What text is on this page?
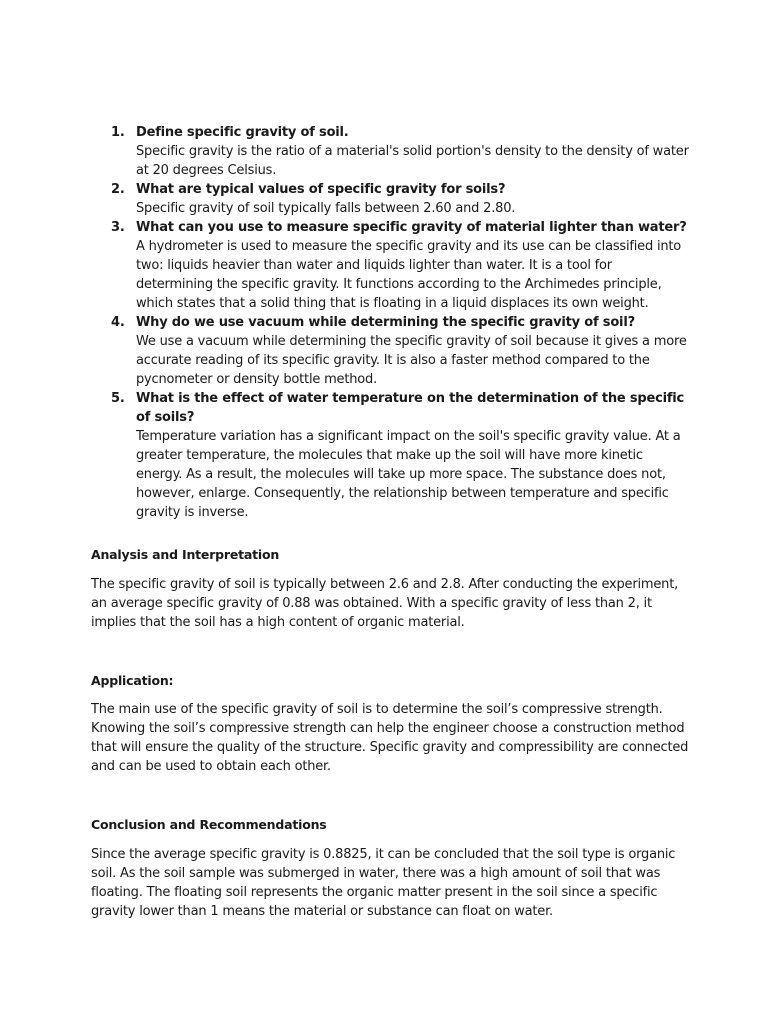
1. Define specific gravity of soil.
Specific gravity is the ratio of a material's solid portion's density to the density of water at 20 degrees Celsius.
2. What are typical values of specific gravity for soils?
Specific gravity of soil typically falls between 2.60 and 2.80.
3. What can you use to measure specific gravity of material lighter than water?
A hydrometer is used to measure the specific gravity and its use can be classified into two: liquids heavier than water and liquids lighter than water. It is a tool for determining the specific gravity. It functions according to the Archimedes principle, which states that a solid thing that is floating in a liquid displaces its own weight.
4. Why do we use vacuum while determining the specific gravity of soil?
We use a vacuum while determining the specific gravity of soil because it gives a more accurate reading of its specific gravity. It is also a faster method compared to the pycnometer or density bottle method.
5. What is the effect of water temperature on the determination of the specific of soils?
Temperature variation has a significant impact on the soil's specific gravity value. At a greater temperature, the molecules that make up the soil will have more kinetic energy. As a result, the molecules will take up more space. The substance does not, however, enlarge. Consequently, the relationship between temperature and specific gravity is inverse.
Analysis and Interpretation

The specific gravity of soil is typically between 2.6 and 2.8. After conducting the experiment, an average specific gravity of 0.88 was obtained. With a specific gravity of less than 2, it implies that the soil has a high content of organic material.

Application:

The main use of the specific gravity of soil is to determine the soil’s compressive strength. Knowing the soil’s compressive strength can help the engineer choose a construction method that will ensure the quality of the structure. Specific gravity and compressibility are connected and can be used to obtain each other.

Conclusion and Recommendations

Since the average specific gravity is 0.8825, it can be concluded that the soil type is organic soil. As the soil sample was submerged in water, there was a high amount of soil that was floating. The floating soil represents the organic matter present in the soil since a specific gravity lower than 1 means the material or substance can float on water.
